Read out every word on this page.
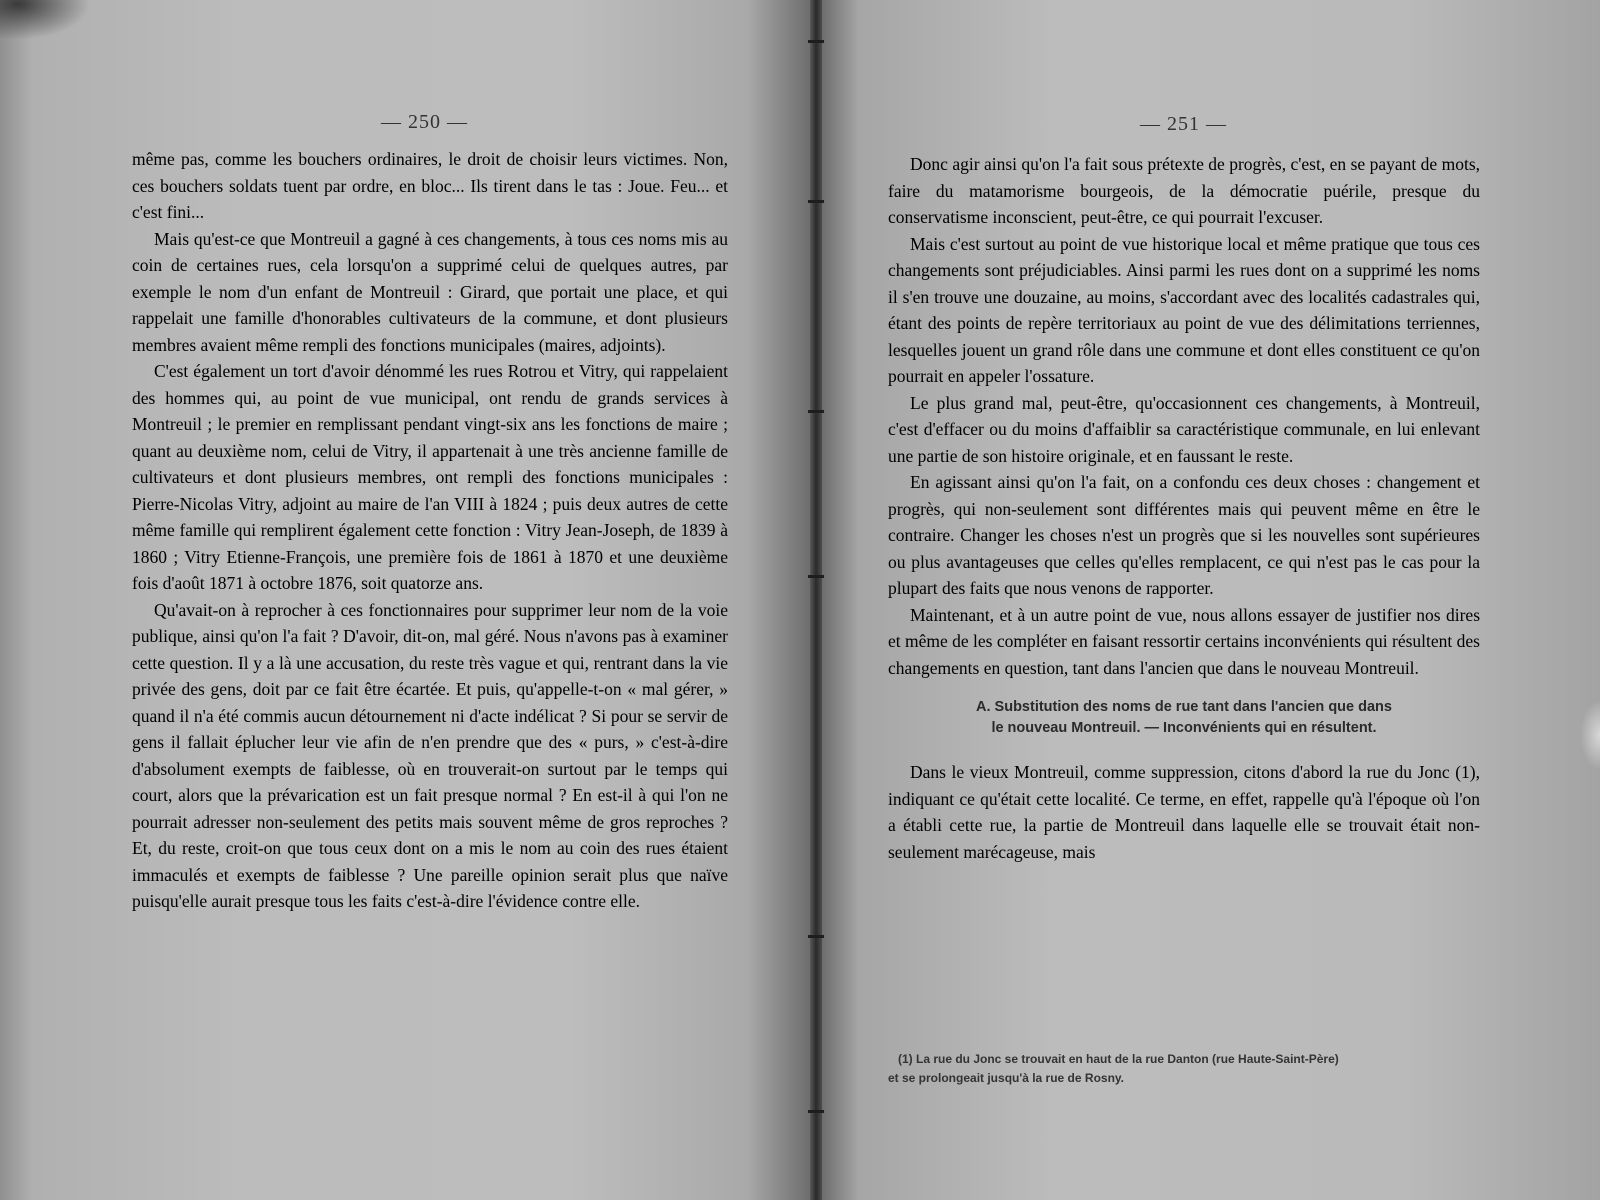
— 250 —

même pas, comme les bouchers ordinaires, le droit de choisir leurs victimes. Non, ces bouchers soldats tuent par ordre, en bloc... Ils tirent dans le tas : Joue. Feu... et c'est fini...

Mais qu'est-ce que Montreuil a gagné à ces changements, à tous ces noms mis au coin de certaines rues, cela lorsqu'on a supprimé celui de quelques autres, par exemple le nom d'un enfant de Montreuil : Girard, que portait une place, et qui rappelait une famille d'honorables cultivateurs de la commune, et dont plusieurs membres avaient même rempli des fonctions municipales (maires, adjoints).

C'est également un tort d'avoir dénommé les rues Rotrou et Vitry, qui rappelaient des hommes qui, au point de vue municipal, ont rendu de grands services à Montreuil ; le premier en remplissant pendant vingt-six ans les fonctions de maire ; quant au deuxième nom, celui de Vitry, il appartenait à une très ancienne famille de cultivateurs et dont plusieurs membres, ont rempli des fonctions municipales : Pierre-Nicolas Vitry, adjoint au maire de l'an VIII à 1824 ; puis deux autres de cette même famille qui remplirent également cette fonction : Vitry Jean-Joseph, de 1839 à 1860 ; Vitry Etienne-François, une première fois de 1861 à 1870 et une deuxième fois d'août 1871 à octobre 1876, soit quatorze ans.

Qu'avait-on à reprocher à ces fonctionnaires pour supprimer leur nom de la voie publique, ainsi qu'on l'a fait ? D'avoir, dit-on, mal géré. Nous n'avons pas à examiner cette question. Il y a là une accusation, du reste très vague et qui, rentrant dans la vie privée des gens, doit par ce fait être écartée. Et puis, qu'appelle-t-on « mal gérer, » quand il n'a été commis aucun détournement ni d'acte indélicat ? Si pour se servir de gens il fallait éplucher leur vie afin de n'en prendre que des « purs, » c'est-à-dire d'absolument exempts de faiblesse, où en trouverait-on surtout par le temps qui court, alors que la prévarication est un fait presque normal ? En est-il à qui l'on ne pourrait adresser non-seulement des petits mais souvent même de gros reproches ? Et, du reste, croit-on que tous ceux dont on a mis le nom au coin des rues étaient immaculés et exempts de faiblesse ? Une pareille opinion serait plus que naïve puisqu'elle aurait presque tous les faits c'est-à-dire l'évidence contre elle.

— 251 —

Donc agir ainsi qu'on l'a fait sous prétexte de progrès, c'est, en se payant de mots, faire du matamorisme bourgeois, de la démocratie puérile, presque du conservatisme inconscient, peut-être, ce qui pourrait l'excuser.

Mais c'est surtout au point de vue historique local et même pratique que tous ces changements sont préjudiciables. Ainsi parmi les rues dont on a supprimé les noms il s'en trouve une douzaine, au moins, s'accordant avec des localités cadastrales qui, étant des points de repère territoriaux au point de vue des délimitations terriennes, lesquelles jouent un grand rôle dans une commune et dont elles constituent ce qu'on pourrait en appeler l'ossature.

Le plus grand mal, peut-être, qu'occasionnent ces changements, à Montreuil, c'est d'effacer ou du moins d'affaiblir sa caractéristique communale, en lui enlevant une partie de son histoire originale, et en faussant le reste.

En agissant ainsi qu'on l'a fait, on a confondu ces deux choses : changement et progrès, qui non-seulement sont différentes mais qui peuvent même en être le contraire. Changer les choses n'est un progrès que si les nouvelles sont supérieures ou plus avantageuses que celles qu'elles remplacent, ce qui n'est pas le cas pour la plupart des faits que nous venons de rapporter.

Maintenant, et à un autre point de vue, nous allons essayer de justifier nos dires et même de les compléter en faisant ressortir certains inconvénients qui résultent des changements en question, tant dans l'ancien que dans le nouveau Montreuil.

A. Substitution des noms de rue tant dans l'ancien que dans
le nouveau Montreuil. — Inconvénients qui en résultent.

Dans le vieux Montreuil, comme suppression, citons d'abord la rue du Jonc (1), indiquant ce qu'était cette localité. Ce terme, en effet, rappelle qu'à l'époque où l'on a établi cette rue, la partie de Montreuil dans laquelle elle se trouvait était non-seulement marécageuse, mais

(1) La rue du Jonc se trouvait en haut de la rue Danton (rue Haute-Saint-Père)
et se prolongeait jusqu'à la rue de Rosny.
